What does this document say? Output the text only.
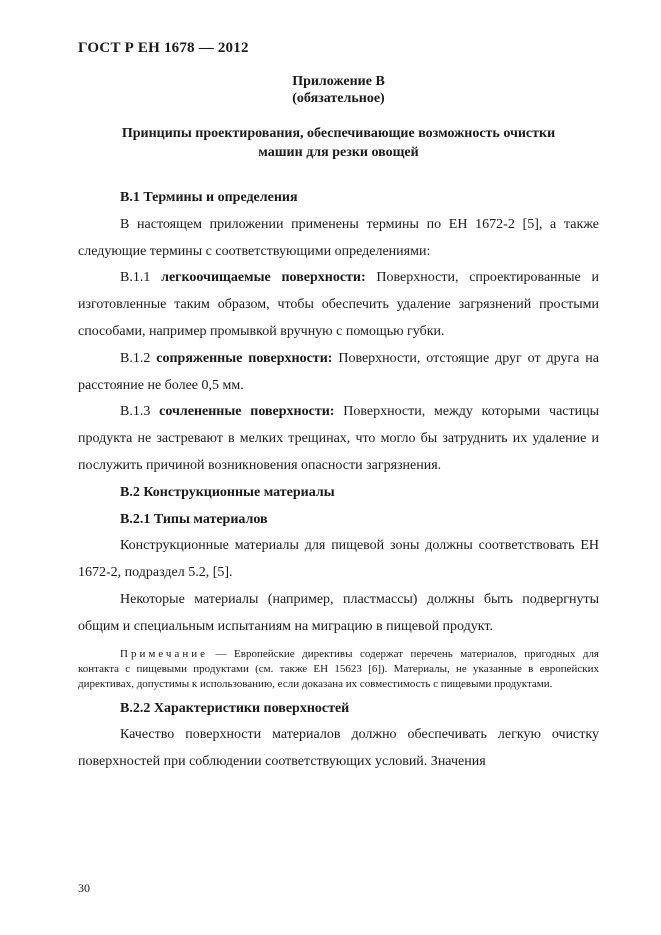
ГОСТ Р ЕН 1678 — 2012
Приложение В
(обязательное)
Принципы проектирования, обеспечивающие возможность очистки
машин для резки овощей
В.1 Термины и определения
В настоящем приложении применены термины по ЕН 1672-2 [5], а также следующие термины с соответствующими определениями:
В.1.1 легкоочищаемые поверхности: Поверхности, спроектированные и изготовленные таким образом, чтобы обеспечить удаление загрязнений простыми способами, например промывкой вручную с помощью губки.
В.1.2 сопряженные поверхности: Поверхности, отстоящие друг от друга на расстояние не более 0,5 мм.
В.1.3 сочлененные поверхности: Поверхности, между которыми частицы продукта не застревают в мелких трещинах, что могло бы затруднить их удаление и послужить причиной возникновения опасности загрязнения.
В.2 Конструкционные материалы
В.2.1 Типы материалов
Конструкционные материалы для пищевой зоны должны соответствовать ЕН 1672-2, подраздел 5.2, [5].
Некоторые материалы (например, пластмассы) должны быть подвергнуты общим и специальным испытаниям на миграцию в пищевой продукт.
Примечание — Европейские директивы содержат перечень материалов, пригодных для контакта с пищевыми продуктами (см. также ЕН 15623 [6]). Материалы, не указанные в европейских директивах, допустимы к использованию, если доказана их совместимость с пищевыми продуктами.
В.2.2 Характеристики поверхностей
Качество поверхности материалов должно обеспечивать легкую очистку поверхностей при соблюдении соответствующих условий. Значения
30
